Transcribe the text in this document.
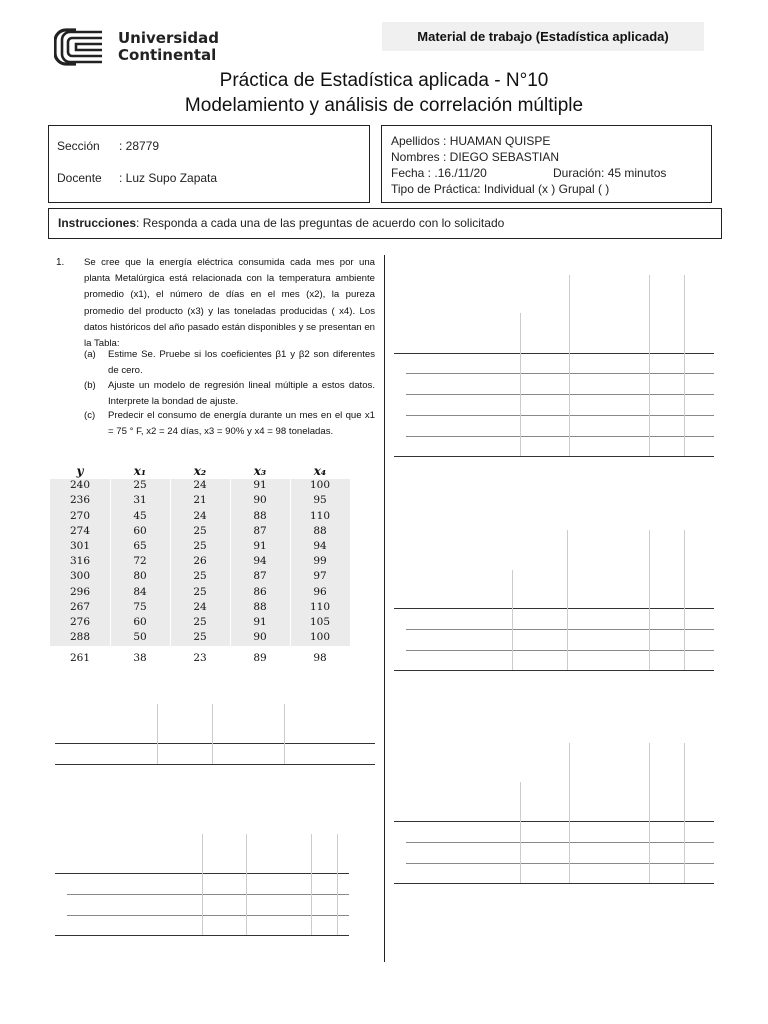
Universidad
Continental
Material de trabajo (Estadística aplicada)
Práctica de Estadística aplicada - N°10
Modelamiento y análisis de correlación múltiple
Sección : 28779
Docente : Luz Supo Zapata
Apellidos : HUAMAN QUISPE
Nombres : DIEGO SEBASTIAN
Fecha : .16./11/20	Duración: 45 minutos
Tipo de Práctica: Individual (x ) Grupal ( )
Instrucciones: Responda a cada una de las preguntas de acuerdo con lo solicitado
1. Se cree que la energía eléctrica consumida cada mes por una planta Metalúrgica está relacionada con la temperatura ambiente promedio (x1), el número de días en el mes (x2), la pureza promedio del producto (x3) y las toneladas producidas ( x4). Los datos históricos del año pasado están disponibles y se presentan en la Tabla:
(a) Estime Se. Pruebe si los coeficientes β1 y β2 son diferentes de cero.
(b) Ajuste un modelo de regresión lineal múltiple a estos datos. Interprete la bondad de ajuste.
(c) Predecir el consumo de energía durante un mes en el que x1 = 75 ° F, x2 = 24 días, x3 = 90% y x4 = 98 toneladas.
y	x₁	x₂	x₃	x₄
240	25	24	91	100
236	31	21	90	95
270	45	24	88	110
274	60	25	87	88
301	65	25	91	94
316	72	26	94	99
300	80	25	87	97
296	84	25	86	96
267	75	24	88	110
276	60	25	91	105
288	50	25	90	100
261	38	23	89	98
